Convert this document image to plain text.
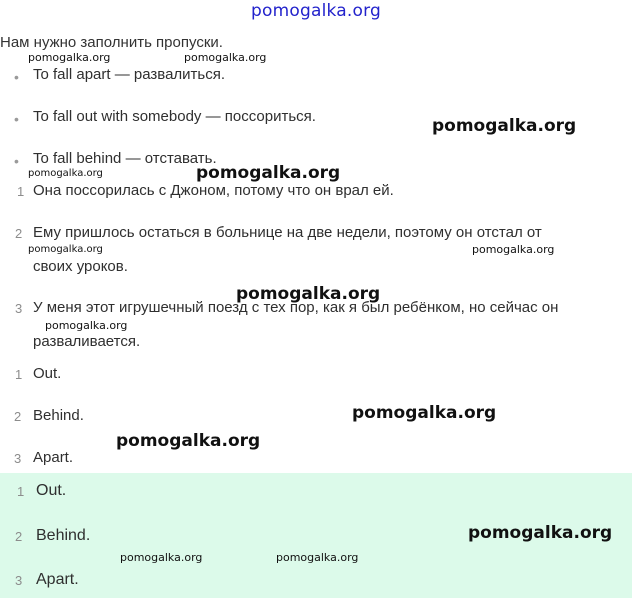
pomogalka.org
Нам нужно заполнить пропуски.
• To fall apart — развалиться.
• To fall out with somebody — поссориться.
• To fall behind — отставать.
1 Она поссорилась с Джоном, потому что он врал ей.
2 Ему пришлось остаться в больнице на две недели, поэтому он отстал от
своих уроков.
3 У меня этот игрушечный поезд с тех пор, как я был ребёнком, но сейчас он
разваливается.
1 Out.
2 Behind.
3 Apart.
1 Out.
2 Behind.
3 Apart.
pomogalka.org	pomogalka.org
pomogalka.org
pomogalka.org	pomogalka.org
pomogalka.org
pomogalka.org	pomogalka.org
pomogalka.org
pomogalka.org
pomogalka.org
pomogalka.org
pomogalka.org
pomogalka.org
